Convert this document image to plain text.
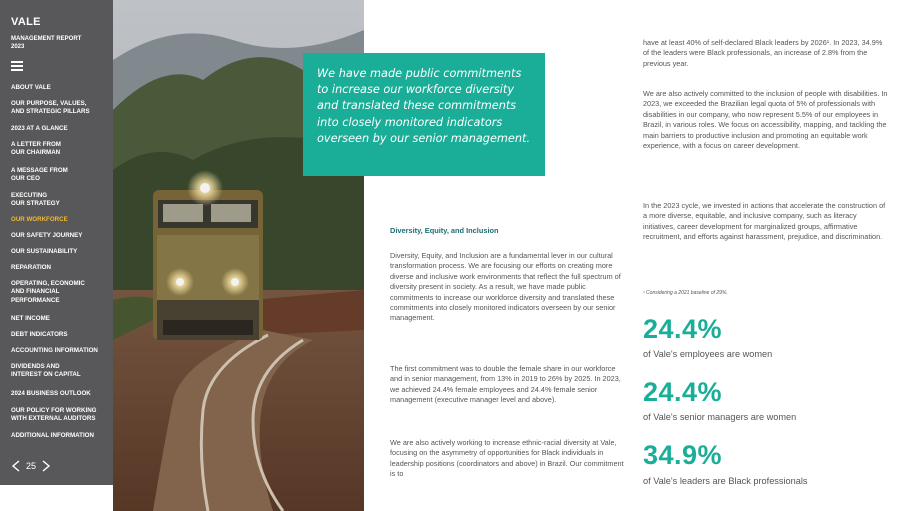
VALE
MANAGEMENT REPORT
2023
ABOUT VALE
OUR PURPOSE, VALUES,
AND STRATEGIC PILLARS
2023 AT A GLANCE
A LETTER FROM
OUR CHAIRMAN
A MESSAGE FROM
OUR CEO
EXECUTING
OUR STRATEGY
OUR WORKFORCE
OUR SAFETY JOURNEY
OUR SUSTAINABILITY
REPARATION
OPERATING, ECONOMIC
AND FINANCIAL
PERFORMANCE
NET INCOME
DEBT INDICATORS
ACCOUNTING INFORMATION
DIVIDENDS AND
INTEREST ON CAPITAL
2024 BUSINESS OUTLOOK
OUR POLICY FOR WORKING
WITH EXTERNAL AUDITORS
ADDITIONAL INFORMATION
25
We have made public commitments to increase our workforce diversity and translated these commitments into closely monitored indicators overseen by our senior management.
Diversity, Equity, and Inclusion
Diversity, Equity, and Inclusion are a fundamental lever in our cultural transformation process. We are focusing our efforts on creating more diverse and inclusive work environments that reflect the full spectrum of diversity present in society. As a result, we have made public commitments to increase our workforce diversity and translated these commitments into closely monitored indicators overseen by our senior management.
The first commitment was to double the female share in our workforce and in senior management, from 13% in 2019 to 26% by 2025. In 2023, we achieved 24.4% female employees and 24.4% female senior management (executive manager level and above).
We are also actively working to increase ethnic-racial diversity at Vale, focusing on the asymmetry of opportunities for Black individuals in leadership positions (coordinators and above) in Brazil. Our commitment is to
have at least 40% of self-declared Black leaders by 2026¹. In 2023, 34.9% of the leaders were Black professionals, an increase of 2.8% from the previous year.
We are also actively committed to the inclusion of people with disabilities. In 2023, we exceeded the Brazilian legal quota of 5% of professionals with disabilities in our company, who now represent 5.5% of our employees in Brazil, in various roles. We focus on accessibility, mapping, and tackling the main barriers to productive inclusion and promoting an equitable work experience, with a focus on career development.
In the 2023 cycle, we invested in actions that accelerate the construction of a more diverse, equitable, and inclusive company, such as literacy initiatives, career development for marginalized groups, affirmative recruitment, and efforts against harassment, prejudice, and discrimination.
¹ Considering a 2021 baseline of 29%.
24.4%
of Vale's employees are women
24.4%
of Vale's senior managers are women
34.9%
of Vale's leaders are Black professionals
